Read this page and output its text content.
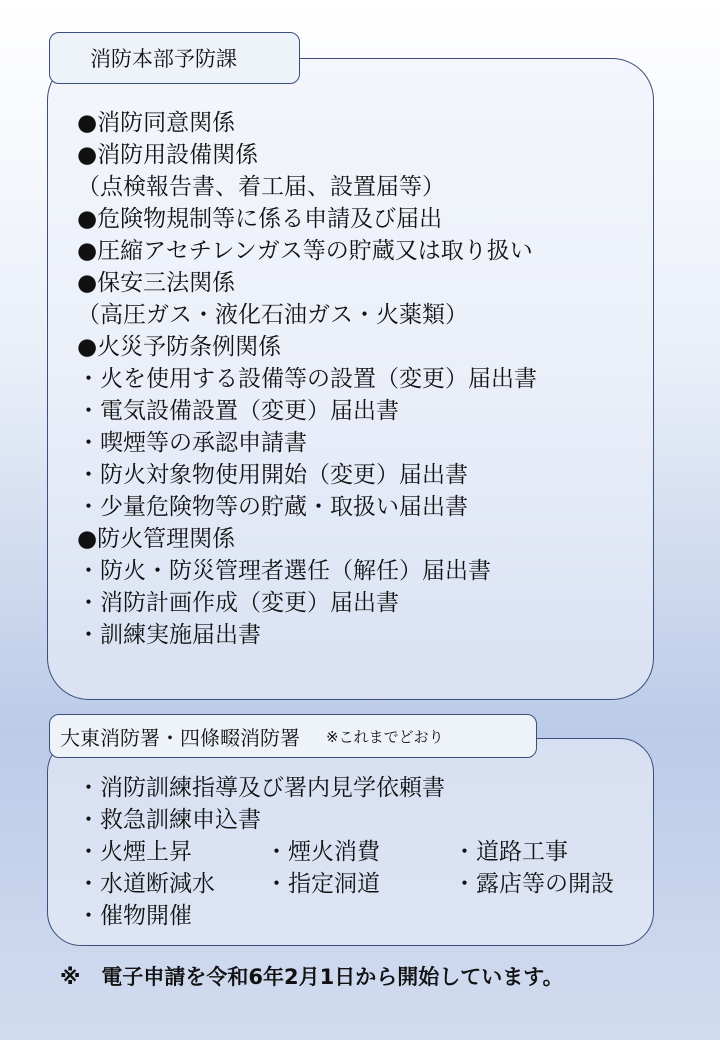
消防本部予防課
●消防同意関係
●消防用設備関係
（点検報告書、着工届、設置届等）
●危険物規制等に係る申請及び届出
●圧縮アセチレンガス等の貯蔵又は取り扱い
●保安三法関係
（高圧ガス・液化石油ガス・火薬類）
●火災予防条例関係
・火を使用する設備等の設置（変更）届出書
・電気設備設置（変更）届出書
・喫煙等の承認申請書
・防火対象物使用開始（変更）届出書
・少量危険物等の貯蔵・取扱い届出書
●防火管理関係
・防火・防災管理者選任（解任）届出書
・消防計画作成（変更）届出書
・訓練実施届出書
大東消防署・四條畷消防署 ※これまでどおり
・消防訓練指導及び署内見学依頼書
・救急訓練申込書
・火煙上昇	・煙火消費	・道路工事
・水道断減水	・指定洞道	・露店等の開設
・催物開催
※　電子申請を令和6年2月1日から開始しています。
